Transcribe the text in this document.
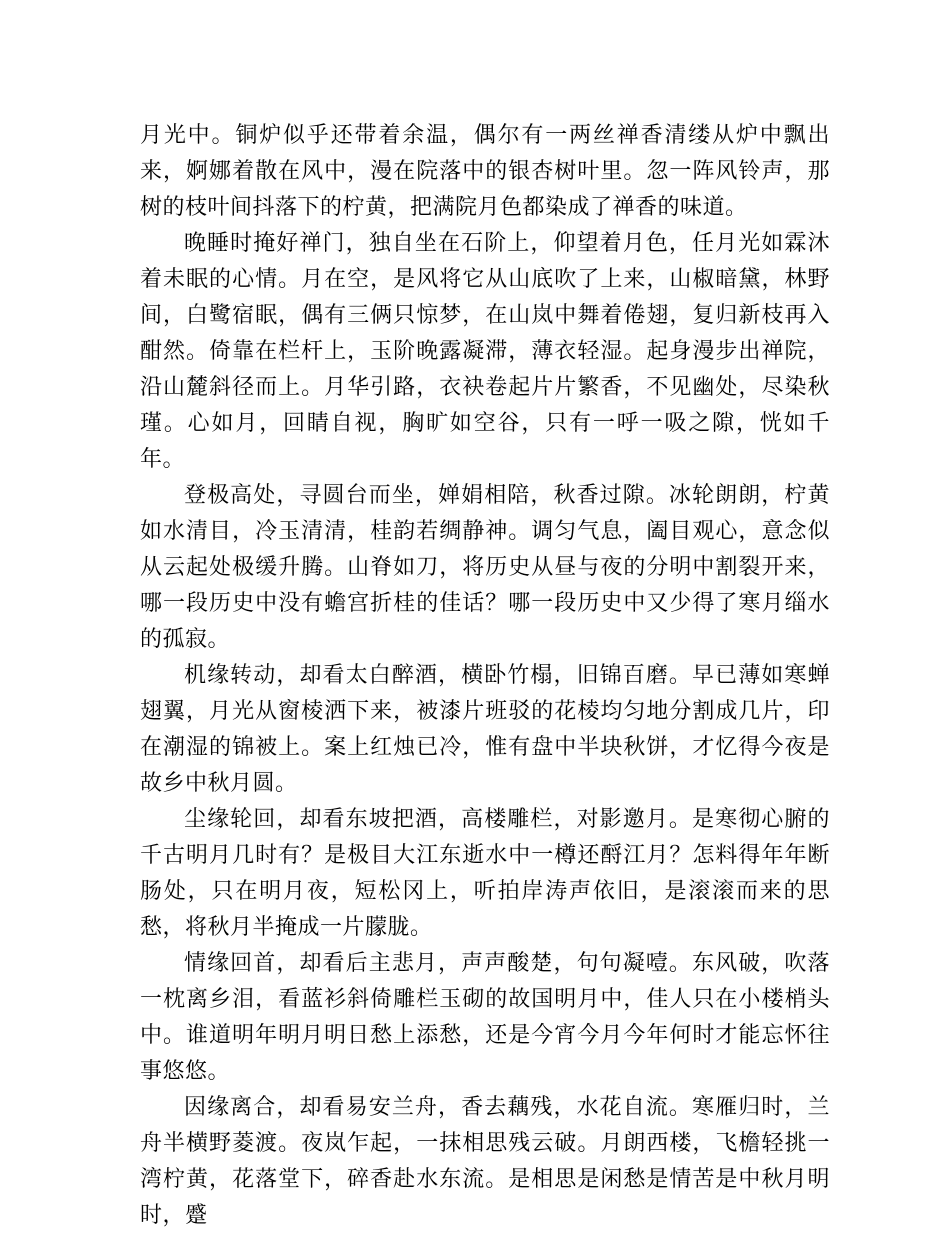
月光中。铜炉似乎还带着余温，偶尔有一两丝禅香清缕从炉中飘出来，婀娜着散在风中，漫在院落中的银杏树叶里。忽一阵风铃声，那树的枝叶间抖落下的柠黄，把满院月色都染成了禅香的味道。

晚睡时掩好禅门，独自坐在石阶上，仰望着月色，任月光如霖沐着未眠的心情。月在空，是风将它从山底吹了上来，山椒暗黛，林野间，白鹭宿眠，偶有三俩只惊梦，在山岚中舞着倦翅，复归新枝再入酣然。倚靠在栏杆上，玉阶晚露凝滞，薄衣轻湿。起身漫步出禅院，沿山麓斜径而上。月华引路，衣袂卷起片片繁香，不见幽处，尽染秋瑾。心如月，回睛自视，胸旷如空谷，只有一呼一吸之隙，恍如千年。

登极高处，寻圆台而坐，婵娟相陪，秋香过隙。冰轮朗朗，柠黄如水清目，冷玉清清，桂韵若绸静神。调匀气息，阖目观心，意念似从云起处极缓升腾。山脊如刀，将历史从昼与夜的分明中割裂开来，哪一段历史中没有蟾宫折桂的佳话？哪一段历史中又少得了寒月缁水的孤寂。

机缘转动，却看太白醉酒，横卧竹榻，旧锦百磨。早已薄如寒蝉翅翼，月光从窗棱洒下来，被漆片班驳的花棱均匀地分割成几片，印在潮湿的锦被上。案上红烛已冷，惟有盘中半块秋饼，才忆得今夜是故乡中秋月圆。

尘缘轮回，却看东坡把酒，高楼雕栏，对影邀月。是寒彻心腑的千古明月几时有？是极目大江东逝水中一樽还酹江月？怎料得年年断肠处，只在明月夜，短松冈上，听拍岸涛声依旧，是滚滚而来的思愁，将秋月半掩成一片朦胧。

情缘回首，却看后主悲月，声声酸楚，句句凝噎。东风破，吹落一枕离乡泪，看蓝衫斜倚雕栏玉砌的故国明月中，佳人只在小楼梢头中。谁道明年明月明日愁上添愁，还是今宵今月今年何时才能忘怀往事悠悠。

因缘离合，却看易安兰舟，香去藕残，水花自流。寒雁归时，兰舟半横野菱渡。夜岚乍起，一抹相思残云破。月朗西楼，飞檐轻挑一湾柠黄，花落堂下，碎香赴水东流。是相思是闲愁是情苦是中秋月明时，蹙
